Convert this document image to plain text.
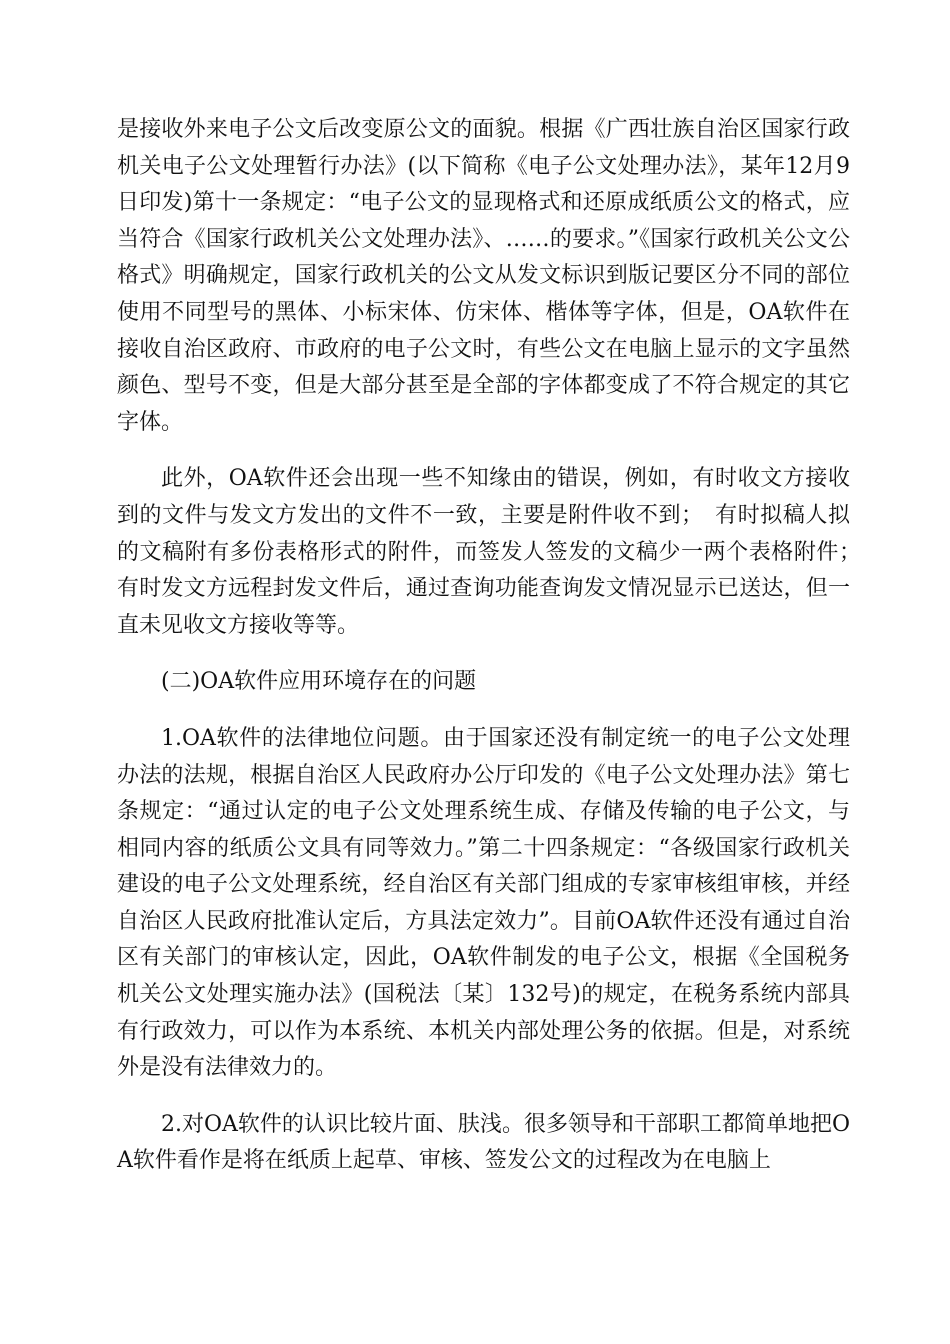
是接收外来电子公文后改变原公文的面貌。根据《广西壮族自治区国家行政机关电子公文处理暂行办法》(以下简称《电子公文处理办法》，某年12月9日印发)第十一条规定：“电子公文的显现格式和还原成纸质公文的格式，应当符合《国家行政机关公文处理办法》、……的要求。”《国家行政机关公文公格式》明确规定，国家行政机关的公文从发文标识到版记要区分不同的部位使用不同型号的黑体、小标宋体、仿宋体、楷体等字体，但是，OA软件在接收自治区政府、市政府的电子公文时，有些公文在电脑上显示的文字虽然颜色、型号不变，但是大部分甚至是全部的字体都变成了不符合规定的其它字体。

此外，OA软件还会出现一些不知缘由的错误，例如，有时收文方接收到的文件与发文方发出的文件不一致，主要是附件收不到；　有时拟稿人拟的文稿附有多份表格形式的附件，而签发人签发的文稿少一两个表格附件；　有时发文方远程封发文件后，通过查询功能查询发文情况显示已送达，但一直未见收文方接收等等。

(二)OA软件应用环境存在的问题

1.OA软件的法律地位问题。由于国家还没有制定统一的电子公文处理办法的法规，根据自治区人民政府办公厅印发的《电子公文处理办法》第七条规定：“通过认定的电子公文处理系统生成、存储及传输的电子公文，与相同内容的纸质公文具有同等效力。”第二十四条规定：“各级国家行政机关建设的电子公文处理系统，经自治区有关部门组成的专家审核组审核，并经自治区人民政府批准认定后，方具法定效力”。目前OA软件还没有通过自治区有关部门的审核认定，因此，OA软件制发的电子公文，根据《全国税务机关公文处理实施办法》(国税法〔某〕132号)的规定，在税务系统内部具有行政效力，可以作为本系统、本机关内部处理公务的依据。但是，对系统外是没有法律效力的。

2.对OA软件的认识比较片面、肤浅。很多领导和干部职工都简单地把OA软件看作是将在纸质上起草、审核、签发公文的过程改为在电脑上
